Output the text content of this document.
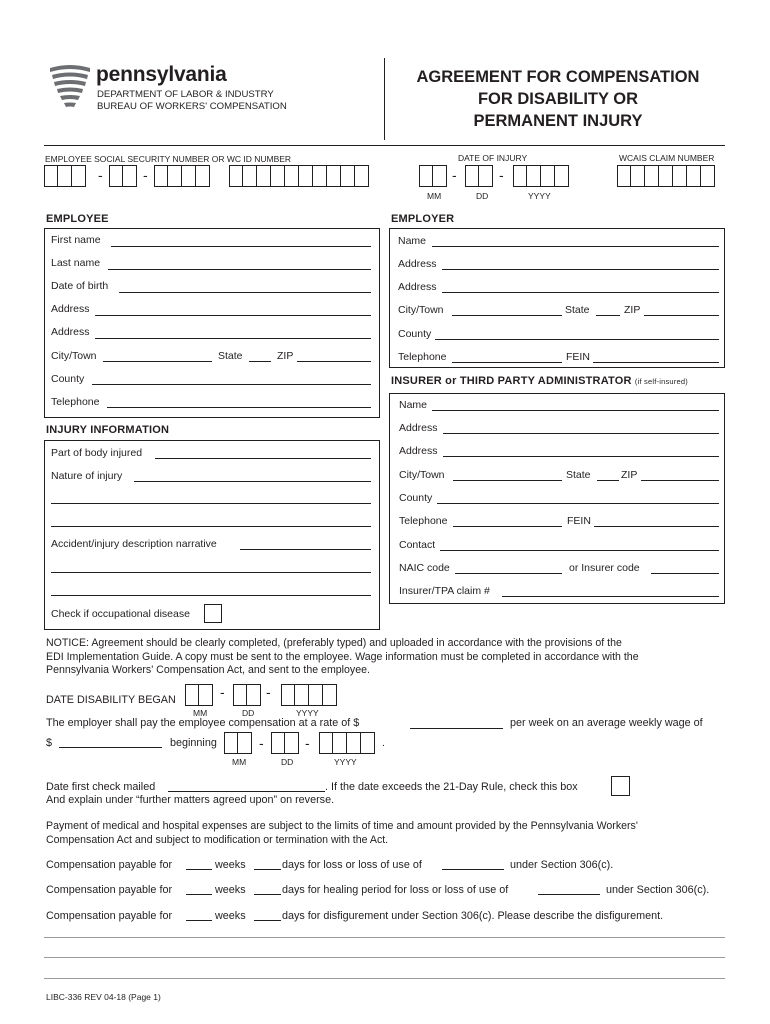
pennsylvania
DEPARTMENT OF LABOR & INDUSTRY
BUREAU OF WORKERS' COMPENSATION
AGREEMENT FOR COMPENSATION
FOR DISABILITY OR
PERMANENT INJURY
EMPLOYEE SOCIAL SECURITY NUMBER OR WC ID NUMBER	DATE OF INJURY	WCAIS CLAIM NUMBER
-	-	-	-
MM	DD	YYYY
EMPLOYEE
First name
Last name
Date of birth
Address
Address
City/Town	State	ZIP
County
Telephone
INJURY INFORMATION
Part of body injured
Nature of injury
Accident/injury description narrative
Check if occupational disease
EMPLOYER
Name
Address
Address
City/Town	State	ZIP
County
Telephone	FEIN
INSURER or THIRD PARTY ADMINISTRATOR (if self-insured)
Name
Address
Address
City/Town	State	ZIP
County
Telephone	FEIN
Contact
NAIC code	or Insurer code
Insurer/TPA claim #
NOTICE: Agreement should be clearly completed, (preferably typed) and uploaded in accordance with the provisions of the
EDI Implementation Guide. A copy must be sent to the employee. Wage information must be completed in accordance with the
Pennsylvania Workers' Compensation Act, and sent to the employee.
DATE DISABILITY BEGAN	-	-
MM	DD	YYYY
The employer shall pay the employee compensation at a rate of $	per week on an average weekly wage of
$	beginning	-	-	.
MM	DD	YYYY
Date first check mailed	. If the date exceeds the 21-Day Rule, check this box
And explain under “further matters agreed upon” on reverse.
Payment of medical and hospital expenses are subject to the limits of time and amount provided by the Pennsylvania Workers'
Compensation Act and subject to modification or termination with the Act.
Compensation payable for	weeks	days for loss or loss of use of	under Section 306(c).
Compensation payable for	weeks	days for healing period for loss or loss of use of	under Section 306(c).
Compensation payable for	weeks	days for disfigurement under Section 306(c). Please describe the disfigurement.
LIBC-336 REV 04-18 (Page 1)
